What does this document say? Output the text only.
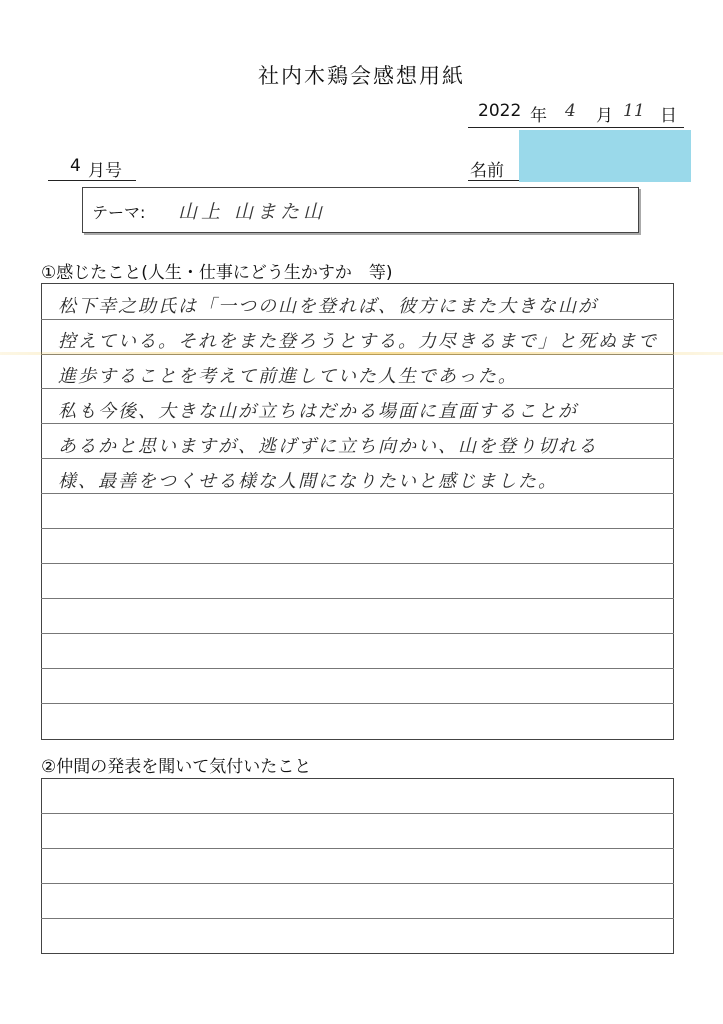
社内木鶏会感想用紙
2022 年 4 月 11 日
4 月号	名前
テーマ: 山上 山また山
①感じたこと(人生・仕事にどう生かすか　等)
松下幸之助氏は「一つの山を登れば、彼方にまた大きな山が
控えている。それをまた登ろうとする。力尽きるまで」と死ぬまで
進歩することを考えて前進していた人生であった。
私も今後、大きな山が立ちはだかる場面に直面することが
あるかと思いますが、逃げずに立ち向かい、山を登り切れる
様、最善をつくせる様な人間になりたいと感じました。
②仲間の発表を聞いて気付いたこと
